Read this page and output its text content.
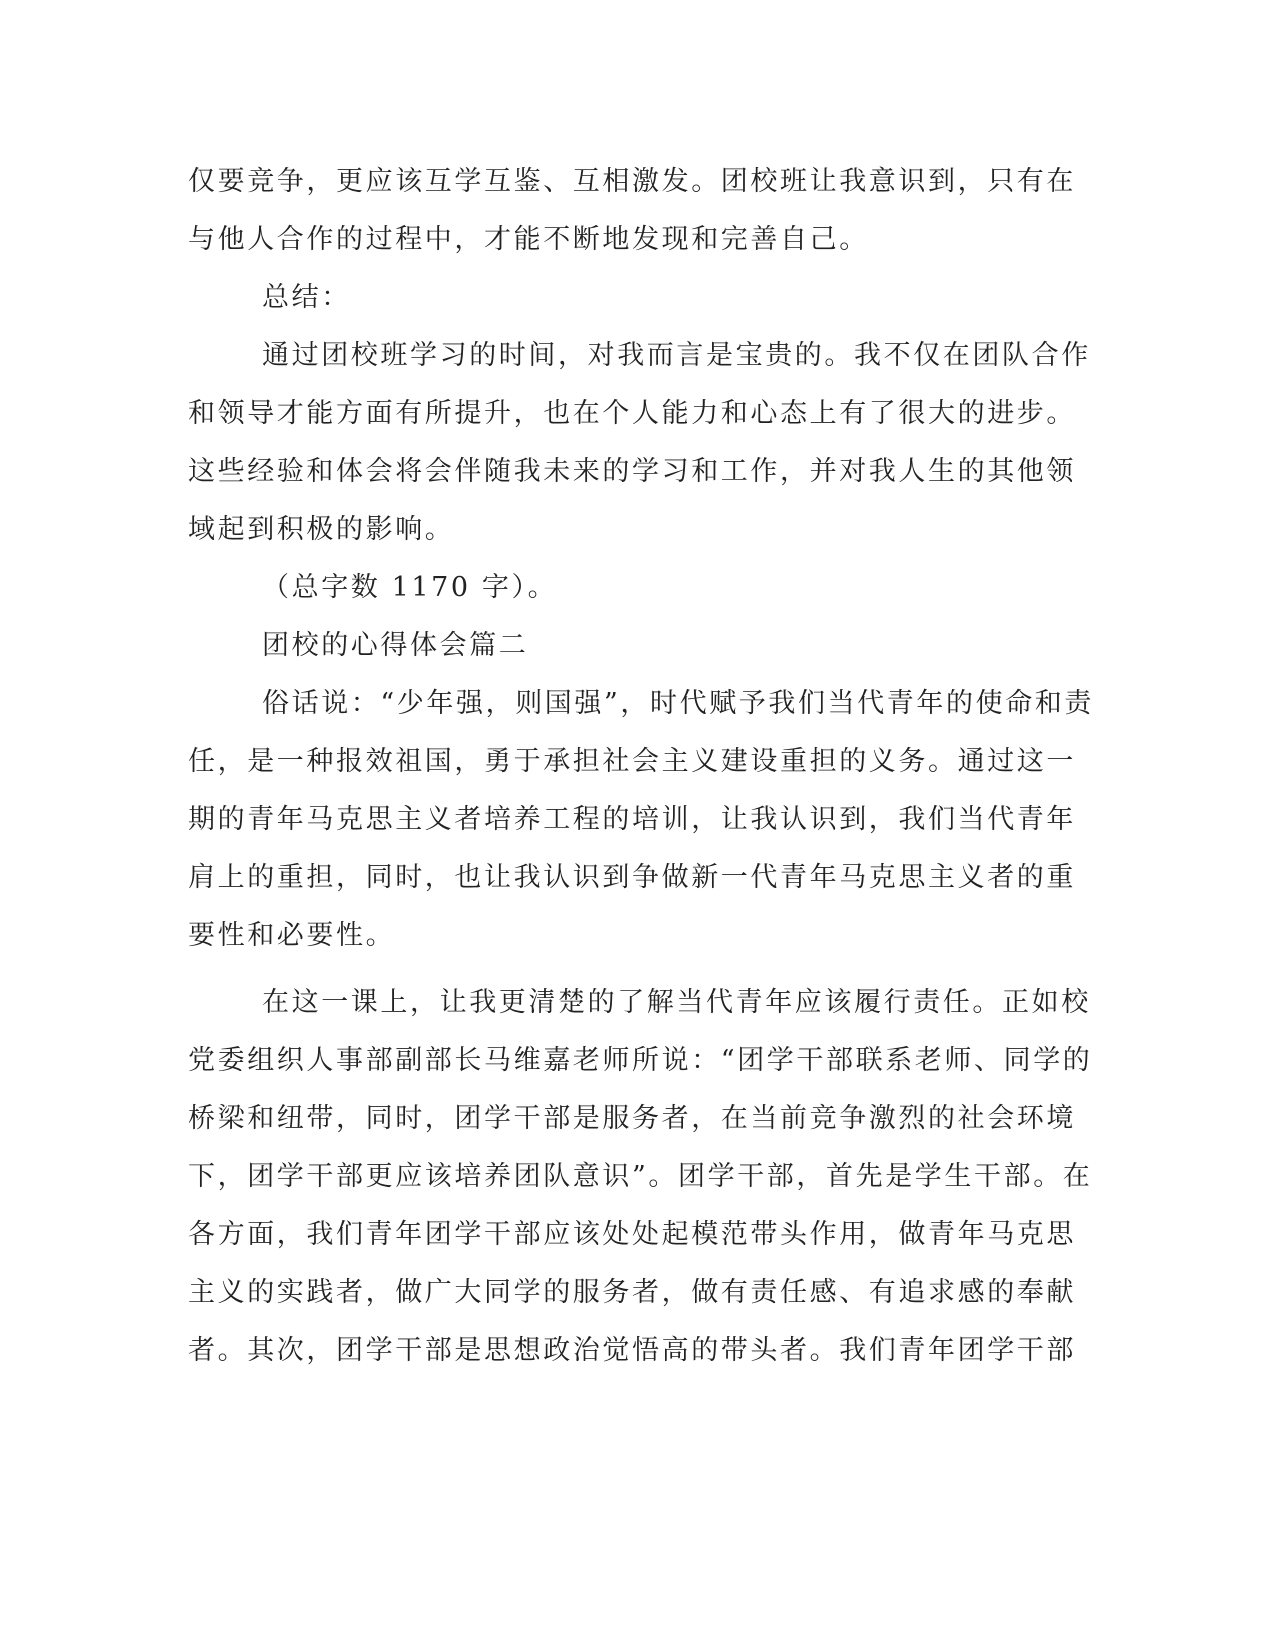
仅要竞争，更应该互学互鉴、互相激发。团校班让我意识到，只有在
与他人合作的过程中，才能不断地发现和完善自己。
总结：
通过团校班学习的时间，对我而言是宝贵的。我不仅在团队合作
和领导才能方面有所提升，也在个人能力和心态上有了很大的进步。
这些经验和体会将会伴随我未来的学习和工作，并对我人生的其他领
域起到积极的影响。
（总字数 1170 字）。
团校的心得体会篇二
俗话说：“少年强，则国强”，时代赋予我们当代青年的使命和责
任，是一种报效祖国，勇于承担社会主义建设重担的义务。通过这一
期的青年马克思主义者培养工程的培训，让我认识到，我们当代青年
肩上的重担，同时，也让我认识到争做新一代青年马克思主义者的重
要性和必要性。
在这一课上，让我更清楚的了解当代青年应该履行责任。正如校
党委组织人事部副部长马维嘉老师所说：“团学干部联系老师、同学的
桥梁和纽带，同时，团学干部是服务者，在当前竞争激烈的社会环境
下，团学干部更应该培养团队意识”。团学干部，首先是学生干部。在
各方面，我们青年团学干部应该处处起模范带头作用，做青年马克思
主义的实践者，做广大同学的服务者，做有责任感、有追求感的奉献
者。其次，团学干部是思想政治觉悟高的带头者。我们青年团学干部
